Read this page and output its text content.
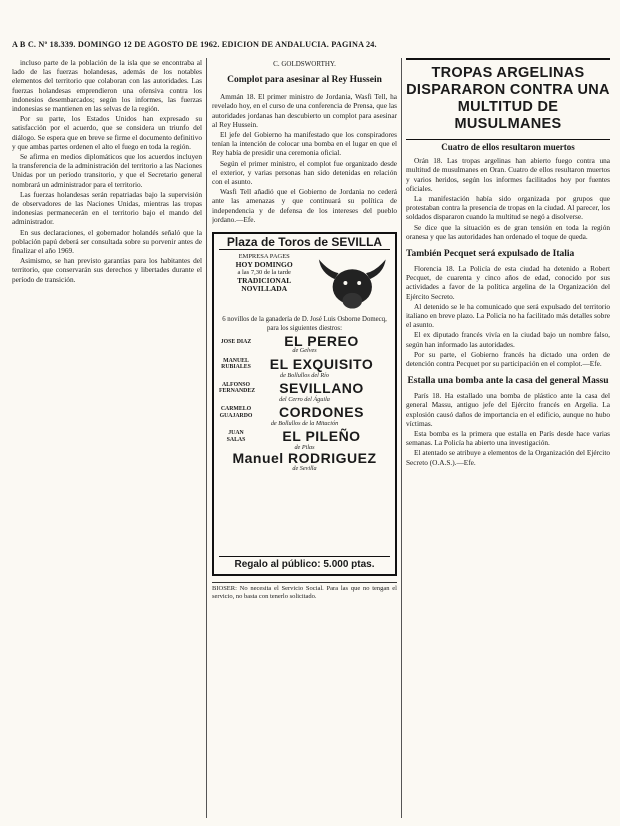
A B C. Nº 18.339. DOMINGO 12 DE AGOSTO DE 1962. EDICION DE ANDALUCIA. PAGINA 24.

incluso parte de la población de la isla que se encontraba al lado de las fuerzas holandesas, además de los notables elementos del territorio que colaboran con las autoridades. Las fuerzas holandesas emprendieron una ofensiva contra los indonesios desembarcados; según los informes, las fuerzas indonesias se mantienen en las selvas de la región.

Por su parte, los Estados Unidos han expresado su satisfacción por el acuerdo, que se considera un triunfo del diálogo. Se espera que en breve se firme el documento definitivo y que ambas partes ordenen el alto el fuego en toda la región.

Se afirma en medios diplomáticos que los acuerdos incluyen la transferencia de la administración del territorio a las Naciones Unidas por un período transitorio, y que el Secretario general nombrará un administrador para el territorio.

Las fuerzas holandesas serán repatriadas bajo la supervisión de observadores de las Naciones Unidas, mientras las tropas indonesias permanecerán en el territorio bajo el mando del administrador.

En sus declaraciones, el gobernador holandés señaló que la población papú deberá ser consultada sobre su porvenir antes de finalizar el año 1969.

Asimismo, se han previsto garantías para los habitantes del territorio, que conservarán sus derechos y libertades durante el período de transición.

C. GOLDSWORTHY.
Complot para asesinar al Rey Hussein

Ammán 18. El primer ministro de Jordania, Wasfi Tell, ha revelado hoy, en el curso de una conferencia de Prensa, que las autoridades jordanas han descubierto un complot para asesinar al Rey Hussein.

El jefe del Gobierno ha manifestado que los conspiradores tenían la intención de colocar una bomba en el lugar en que el Rey había de presidir una ceremonia oficial.

Según el primer ministro, el complot fue organizado desde el exterior, y varias personas han sido detenidas en relación con el asunto.

Wasfi Tell añadió que el Gobierno de Jordania no cederá ante las amenazas y que continuará su política de independencia y de defensa de los intereses del pueblo jordano.—Efe.

Plaza de Toros de SEVILLA
EMPRESA PAGES
HOY DOMINGO
a las 7,30 de la tarde
TRADICIONAL NOVILLADA
6 novillos de la ganadería de D. José Luis Osborne Domecq, para los siguientes diestros:
JOSE DIAZ	EL PEREO
de Gelves
MANUEL RUBIALES	EL EXQUISITO
de Bollullos del Río
ALFONSO FERNANDEZ	SEVILLANO
del Cerro del Águila
CARMELO GUAJARDO	CORDONES
de Bollullos de la Mitación
JUAN SALAS	EL PILEÑO
de Pilas
Manuel RODRIGUEZ
de Sevilla
Regalo al público: 5.000 ptas.
BIOSER: No necesita el Servicio Social. Para las que no tengan el servicio, no basta con tenerlo solicitado.
TROPAS ARGELINAS DISPARARON CONTRA UNA MULTITUD DE MUSULMANES
Cuatro de ellos resultaron muertos

Orán 18. Las tropas argelinas han abierto fuego contra una multitud de musulmanes en Oran. Cuatro de ellos resultaron muertos y varios heridos, según los informes facilitados hoy por fuentes oficiales.

La manifestación había sido organizada por grupos que protestaban contra la presencia de tropas en la ciudad. Al parecer, los soldados dispararon cuando la multitud se negó a disolverse.

Se dice que la situación es de gran tensión en toda la región oranesa y que las autoridades han ordenado el toque de queda.

También Pecquet será expulsado de Italia

Florencia 18. La Policía de esta ciudad ha detenido a Robert Pecquet, de cuarenta y cinco años de edad, conocido por sus actividades a favor de la política argelina de la Organización del Ejército Secreto.

Al detenido se le ha comunicado que será expulsado del territorio italiano en breve plazo. La Policía no ha facilitado más detalles sobre el asunto.

El ex diputado francés vivía en la ciudad bajo un nombre falso, según han informado las autoridades.

Por su parte, el Gobierno francés ha dictado una orden de detención contra Pecquet por su participación en el complot.—Efe.

Estalla una bomba ante la casa del general Massu

París 18. Ha estallado una bomba de plástico ante la casa del general Massu, antiguo jefe del Ejército francés en Argelia. La explosión causó daños de importancia en el edificio, aunque no hubo víctimas.

Esta bomba es la primera que estalla en París desde hace varias semanas. La Policía ha abierto una investigación.

El atentado se atribuye a elementos de la Organización del Ejército Secreto (O.A.S.).—Efe.
